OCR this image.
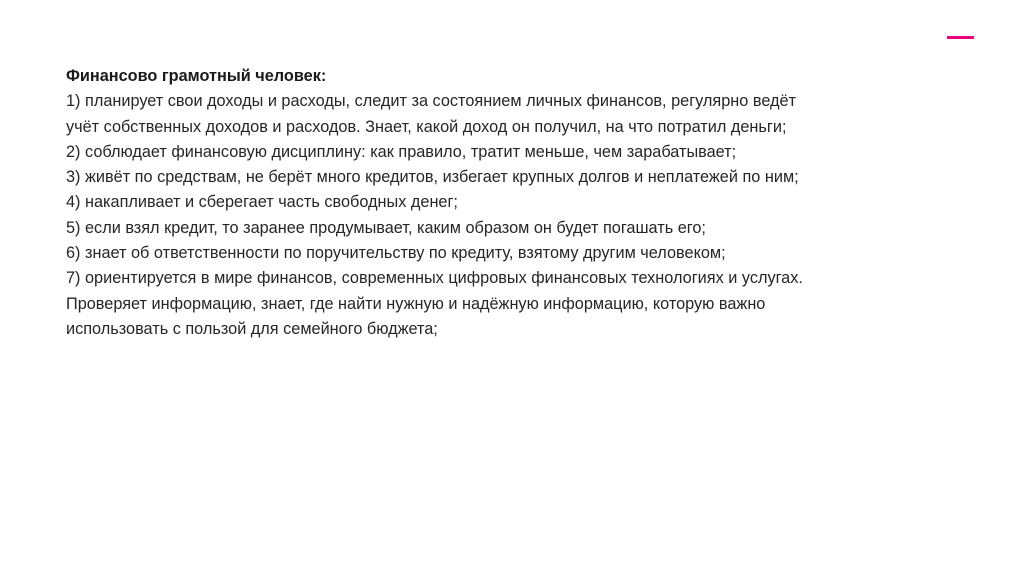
Финансово грамотный человек:
1) планирует свои доходы и расходы, следит за состоянием личных финансов, регулярно ведёт
учёт собственных доходов и расходов. Знает, какой доход он получил, на что потратил деньги;
2) соблюдает финансовую дисциплину: как правило, тратит меньше, чем зарабатывает;
3) живёт по средствам, не берёт много кредитов, избегает крупных долгов и неплатежей по ним;
4) накапливает и сберегает часть свободных денег;
5) если взял кредит, то заранее продумывает, каким образом он будет погашать его;
6) знает об ответственности по поручительству по кредиту, взятому другим человеком;
7) ориентируется в мире финансов, современных цифровых финансовых технологиях и услугах.
Проверяет информацию, знает, где найти нужную и надёжную информацию, которую важно
использовать с пользой для семейного бюджета;
